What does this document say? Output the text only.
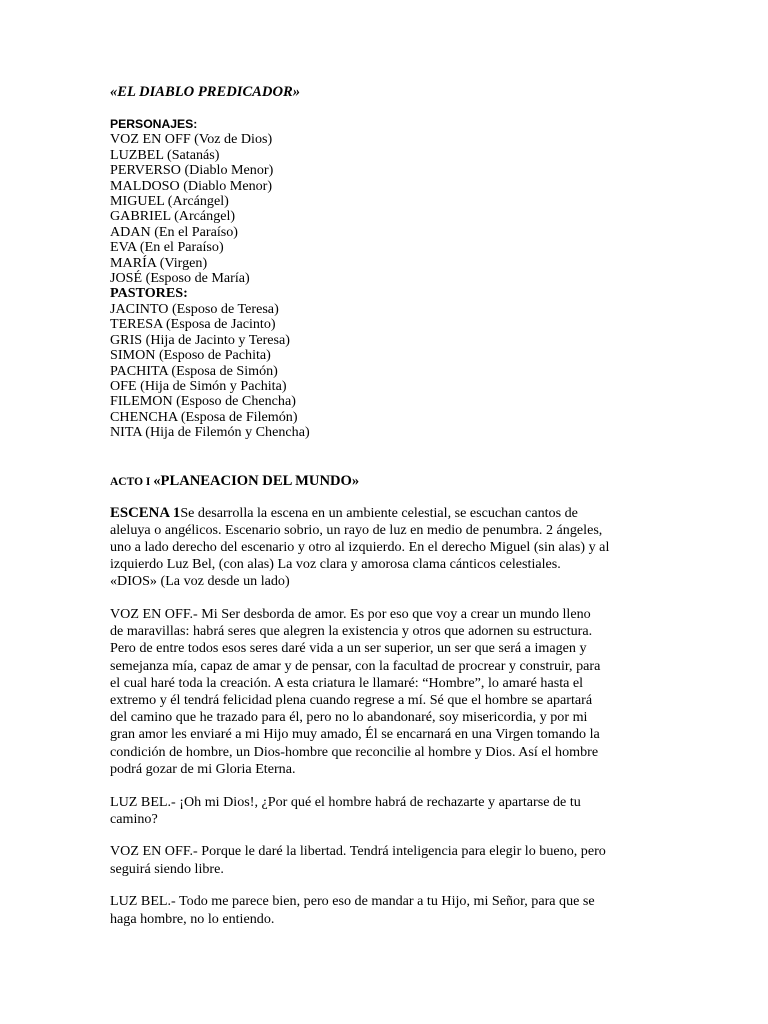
«EL DIABLO PREDICADOR»
PERSONAJES:
VOZ EN OFF (Voz de Dios)
LUZBEL (Satanás)
PERVERSO (Diablo Menor)
MALDOSO (Diablo Menor)
MIGUEL (Arcángel)
GABRIEL (Arcángel)
ADAN (En el Paraíso)
EVA (En el Paraíso)
MARÍA (Virgen)
JOSÉ (Esposo de María)
PASTORES:
JACINTO (Esposo de Teresa)
TERESA (Esposa de Jacinto)
GRIS (Hija de Jacinto y Teresa)
SIMON (Esposo de Pachita)
PACHITA (Esposa de Simón)
OFE (Hija de Simón y Pachita)
FILEMON (Esposo de Chencha)
CHENCHA (Esposa de Filemón)
NITA (Hija de Filemón y Chencha)
ACTO I «PLANEACION DEL MUNDO»
ESCENA 1Se desarrolla la escena en un ambiente celestial, se escuchan cantos de
aleluya o angélicos. Escenario sobrio, un rayo de luz en medio de penumbra. 2 ángeles,
uno a lado derecho del escenario y otro al izquierdo. En el derecho Miguel (sin alas) y al
izquierdo Luz Bel, (con alas) La voz clara y amorosa clama cánticos celestiales.
«DIOS» (La voz desde un lado)
VOZ EN OFF.- Mi Ser desborda de amor. Es por eso que voy a crear un mundo lleno
de maravillas: habrá seres que alegren la existencia y otros que adornen su estructura.
Pero de entre todos esos seres daré vida a un ser superior, un ser que será a imagen y
semejanza mía, capaz de amar y de pensar, con la facultad de procrear y construir, para
el cual haré toda la creación. A esta criatura le llamaré: “Hombre”, lo amaré hasta el
extremo y él tendrá felicidad plena cuando regrese a mí. Sé que el hombre se apartará
del camino que he trazado para él, pero no lo abandonaré, soy misericordia, y por mi
gran amor les enviaré a mi Hijo muy amado, Él se encarnará en una Virgen tomando la
condición de hombre, un Dios-hombre que reconcilie al hombre y Dios. Así el hombre
podrá gozar de mi Gloria Eterna.
LUZ BEL.- ¡Oh mi Dios!, ¿Por qué el hombre habrá de rechazarte y apartarse de tu
camino?
VOZ EN OFF.- Porque le daré la libertad. Tendrá inteligencia para elegir lo bueno, pero
seguirá siendo libre.
LUZ BEL.- Todo me parece bien, pero eso de mandar a tu Hijo, mi Señor, para que se
haga hombre, no lo entiendo.
